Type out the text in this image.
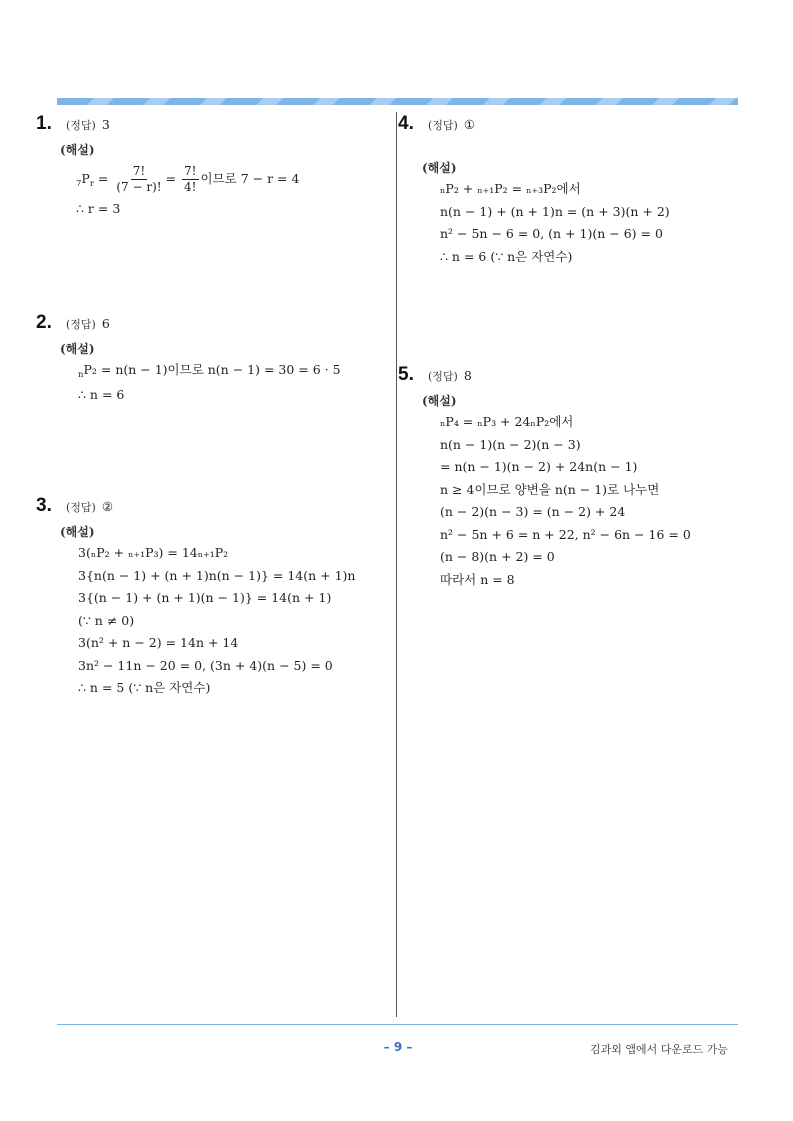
1.	(정답) 3
(해설)
$_7P_r = \frac{7!}{(7 - r)!} = \frac{7!}{4!}$ 이므로 7 − r = 4
∴ r = 3
2.	(정답) 6
(해설)
$_n$P₂ = n(n − 1)이므로 n(n − 1) = 30 = 6 · 5
∴ n = 6
3.	(정답) ②
(해설)
3(ₙP₂ + ₙ₊₁P₃) = 14ₙ₊₁P₂
3{n(n − 1) + (n + 1)n(n − 1)} = 14(n + 1)n
3{(n − 1) + (n + 1)(n − 1)} = 14(n + 1)
(∵ n ≠ 0)
3(n² + n − 2) = 14n + 14
3n² − 11n − 20 = 0, (3n + 4)(n − 5) = 0
∴ n = 5 (∵ n은 자연수)
4.	(정답) ①
(해설)
ₙP₂ + ₙ₊₁P₂ = ₙ₊₃P₂에서
n(n − 1) + (n + 1)n = (n + 3)(n + 2)
n² − 5n − 6 = 0, (n + 1)(n − 6) = 0
∴ n = 6 (∵ n은 자연수)
5.	(정답) 8
(해설)
ₙP₄ = ₙP₃ + 24ₙP₂에서
n(n − 1)(n − 2)(n − 3)
= n(n − 1)(n − 2) + 24n(n − 1)
n ≥ 4이므로 양변을 n(n − 1)로 나누면
(n − 2)(n − 3) = (n − 2) + 24
n² − 5n + 6 = n + 22, n² − 6n − 16 = 0
(n − 8)(n + 2) = 0
따라서 n = 8
– 9 –	김과외 앱에서 다운로드 가능
